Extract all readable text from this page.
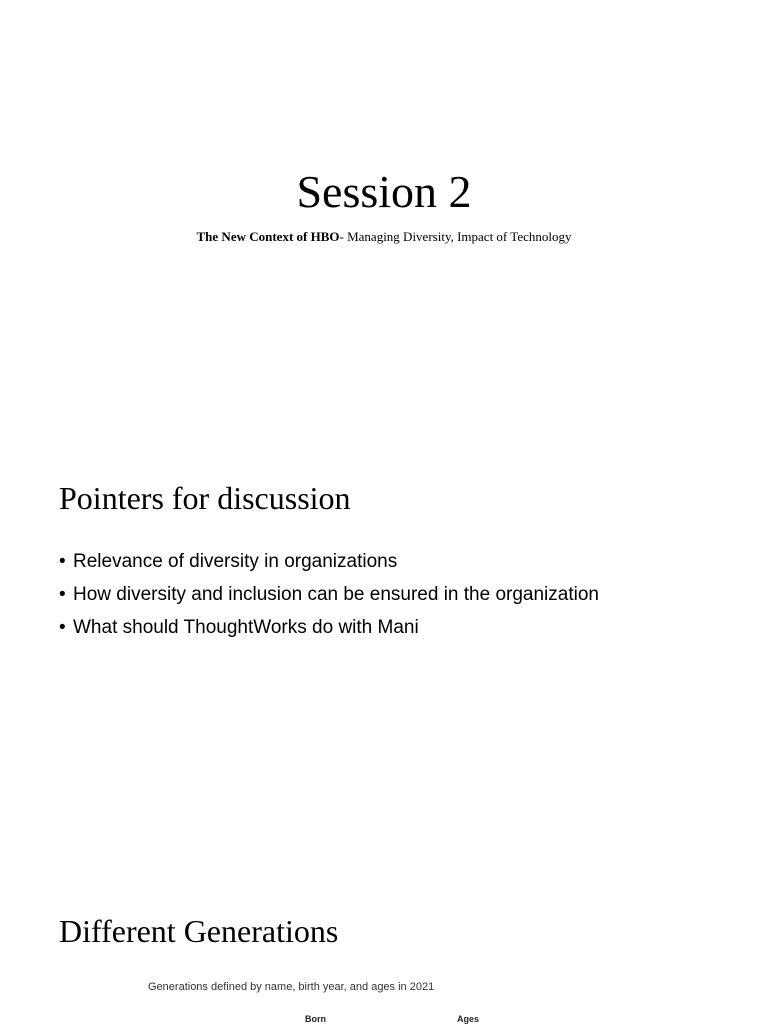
Session 2
The New Context of HBO- Managing Diversity, Impact of Technology
Pointers for discussion
• Relevance of diversity in organizations
• How diversity and inclusion can be ensured in the organization
• What should ThoughtWorks do with Mani
Different Generations
Generations defined by name, birth year, and ages in 2021
Born	Ages
